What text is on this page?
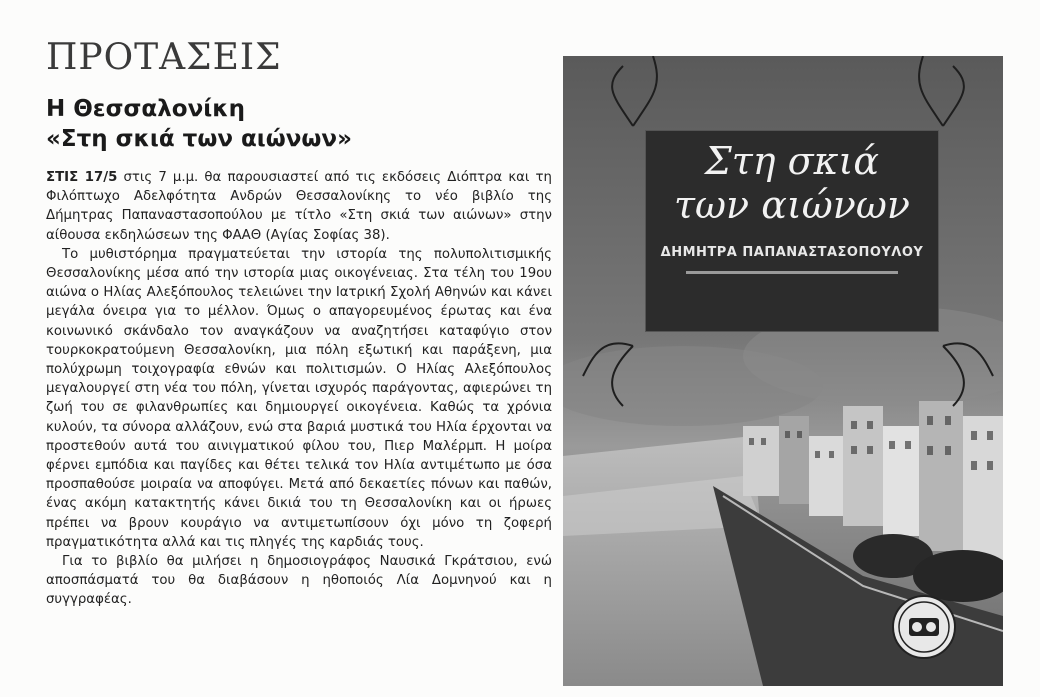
ΠΡΟΤΑΣΕΙΣ
Η Θεσσαλονίκη
«Στη σκιά των αιώνων»

ΣΤΙΣ 17/5 στις 7 μ.μ. θα παρουσιαστεί από τις εκδόσεις Διόπτρα και τη Φιλόπτωχο Αδελφότητα Ανδρών Θεσσαλονίκης το νέο βιβλίο της Δήμητρας Παπαναστασοπούλου με τίτλο «Στη σκιά των αιώνων» στην αίθουσα εκδηλώσεων της ΦΑΑΘ (Αγίας Σοφίας 38).

Το μυθιστόρημα πραγματεύεται την ιστορία της πολυπολιτισμικής Θεσσαλονίκης μέσα από την ιστορία μιας οικογένειας. Στα τέλη του 19ου αιώνα ο Ηλίας Αλεξόπουλος τελειώνει την Ιατρική Σχολή Αθηνών και κάνει μεγάλα όνειρα για το μέλλον. Όμως ο απαγορευμένος έρωτας και ένα κοινωνικό σκάνδαλο τον αναγκάζουν να αναζητήσει καταφύγιο στον τουρκοκρατούμενη Θεσσαλονίκη, μια πόλη εξωτική και παράξενη, μια πολύχρωμη τοιχογραφία εθνών και πολιτισμών. Ο Ηλίας Αλεξόπουλος μεγαλουργεί στη νέα του πόλη, γίνεται ισχυρός παράγοντας, αφιερώνει τη ζωή του σε φιλανθρωπίες και δημιουργεί οικογένεια. Καθώς τα χρόνια κυλούν, τα σύνορα αλλάζουν, ενώ στα βαριά μυστικά του Ηλία έρχονται να προστεθούν αυτά του αινιγματικού φίλου του, Πιερ Μαλέρμπ. Η μοίρα φέρνει εμπόδια και παγίδες και θέτει τελικά τον Ηλία αντιμέτωπο με όσα προσπαθούσε μοιραία να αποφύγει. Μετά από δεκαετίες πόνων και παθών, ένας ακόμη κατακτητής κάνει δικιά του τη Θεσσαλονίκη και οι ήρωες πρέπει να βρουν κουράγιο να αντιμετωπίσουν όχι μόνο τη ζοφερή πραγματικότητα αλλά και τις πληγές της καρδιάς τους.

Για το βιβλίο θα μιλήσει η δημοσιογράφος Ναυσικά Γκράτσιου, ενώ αποσπάσματά του θα διαβάσουν η ηθοποιός Λία Δομνηνού και η συγγραφέας.

Στη σκιά
των αιώνων
ΔΗΜΗΤΡΑ ΠΑΠΑΝΑΣΤΑΣΟΠΟΥΛΟΥ
